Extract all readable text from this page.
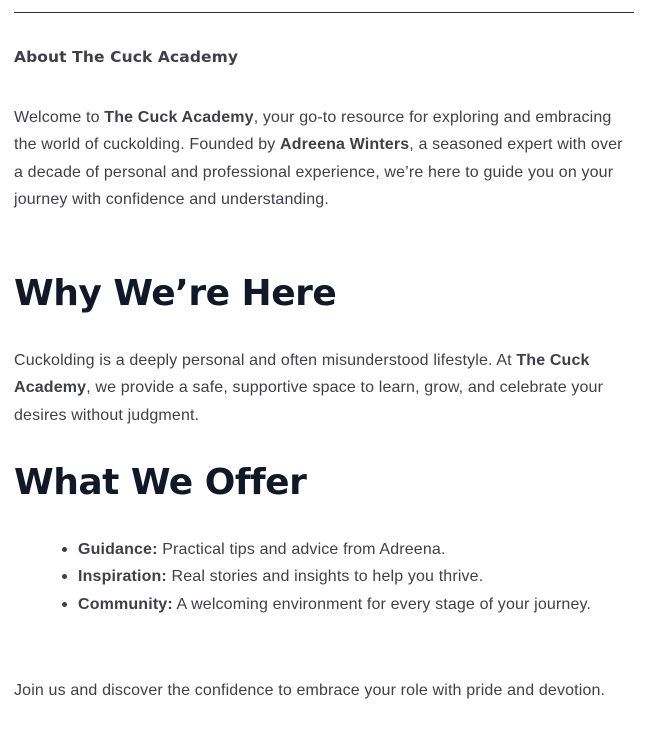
About The Cuck Academy

Welcome to The Cuck Academy, your go-to resource for exploring and embracing the world of cuckolding. Founded by Adreena Winters, a seasoned expert with over a decade of personal and professional experience, we’re here to guide you on your journey with confidence and understanding.

Why We’re Here

Cuckolding is a deeply personal and often misunderstood lifestyle. At The Cuck Academy, we provide a safe, supportive space to learn, grow, and celebrate your desires without judgment.

What We Offer
Guidance: Practical tips and advice from Adreena.
Inspiration: Real stories and insights to help you thrive.
Community: A welcoming environment for every stage of your journey.

Join us and discover the confidence to embrace your role with pride and devotion.
